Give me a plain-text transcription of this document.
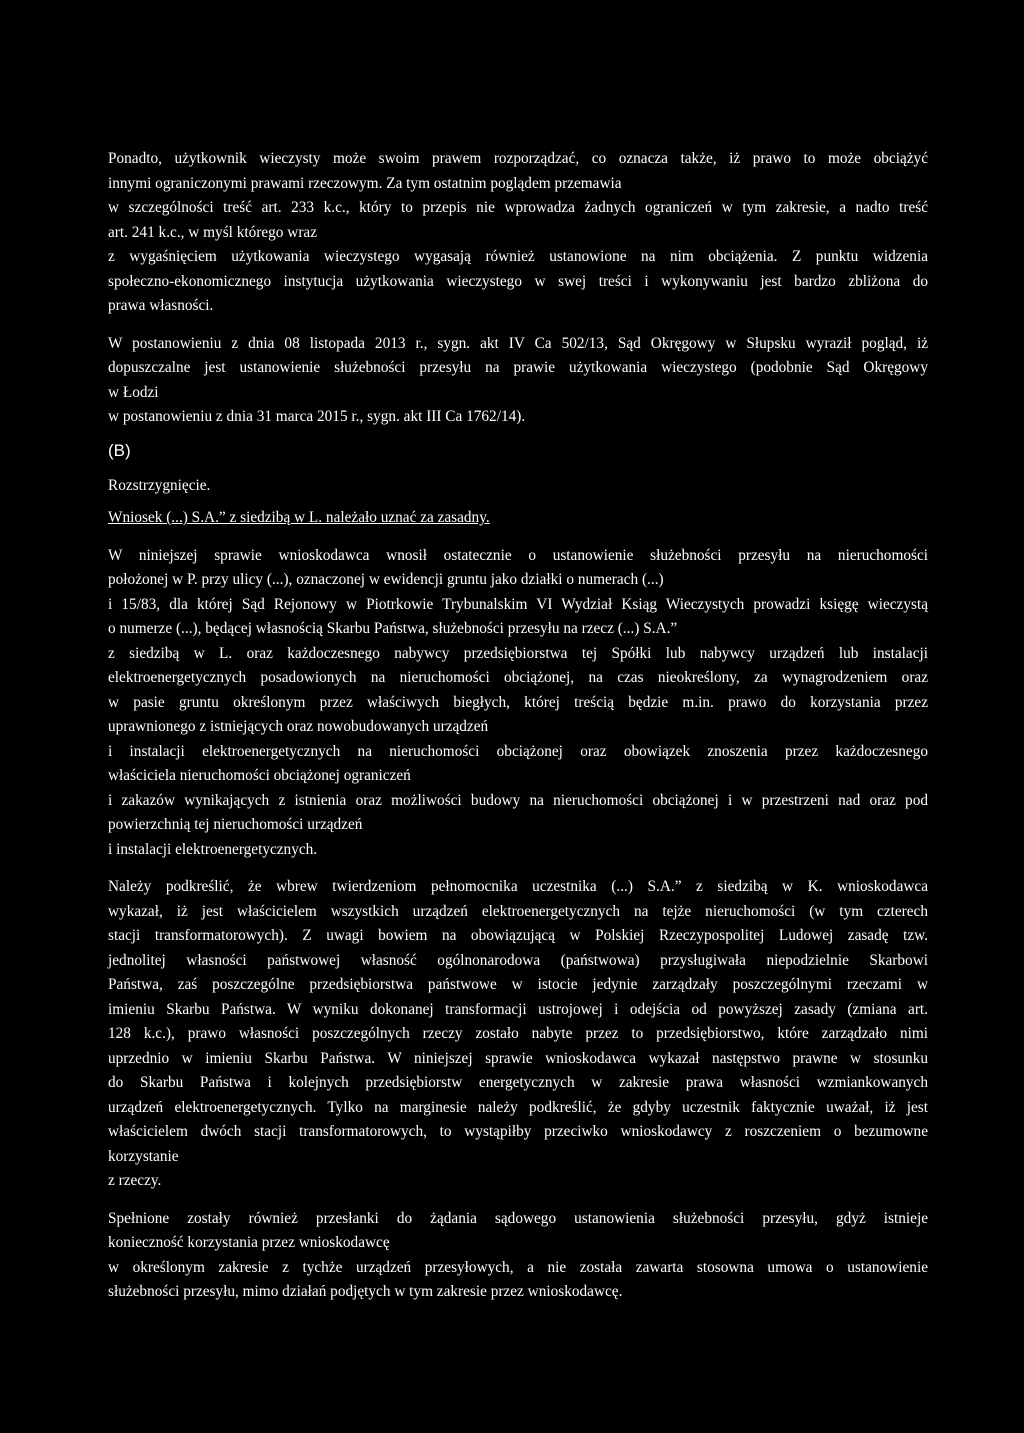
Ponadto, użytkownik wieczysty może swoim prawem rozporządzać, co oznacza także, iż prawo to może obciążyć
innymi ograniczonymi prawami rzeczowym. Za tym ostatnim poglądem przemawia
w szczególności treść art. 233 k.c., który to przepis nie wprowadza żadnych ograniczeń w tym zakresie, a nadto treść
art. 241 k.c., w myśl którego wraz
z wygaśnięciem użytkowania wieczystego wygasają również ustanowione na nim obciążenia. Z punktu widzenia
społeczno-ekonomicznego instytucja użytkowania wieczystego w swej treści i wykonywaniu jest bardzo zbliżona do
prawa własności.
W postanowieniu z dnia 08 listopada 2013 r., sygn. akt IV Ca 502/13, Sąd Okręgowy w Słupsku wyraził pogląd, iż
dopuszczalne jest ustanowienie służebności przesyłu na prawie użytkowania wieczystego (podobnie Sąd Okręgowy
w Łodzi
w postanowieniu z dnia 31 marca 2015 r., sygn. akt III Ca 1762/14).
(B)
Rozstrzygnięcie.
Wniosek (...) S.A.” z siedzibą w L. należało uznać za zasadny.
W niniejszej sprawie wnioskodawca wnosił ostatecznie o ustanowienie służebności przesyłu na nieruchomości
położonej w P. przy ulicy (...), oznaczonej w ewidencji gruntu jako działki o numerach (...)
i 15/83, dla której Sąd Rejonowy w Piotrkowie Trybunalskim VI Wydział Ksiąg Wieczystych prowadzi księgę wieczystą
o numerze (...), będącej własnością Skarbu Państwa, służebności przesyłu na rzecz (...) S.A.”
z siedzibą w L. oraz każdoczesnego nabywcy przedsiębiorstwa tej Spółki lub nabywcy urządzeń lub instalacji
elektroenergetycznych posadowionych na nieruchomości obciążonej, na czas nieokreślony, za wynagrodzeniem oraz
w pasie gruntu określonym przez właściwych biegłych, której treścią będzie m.in. prawo do korzystania przez
uprawnionego z istniejących oraz nowobudowanych urządzeń
i instalacji elektroenergetycznych na nieruchomości obciążonej oraz obowiązek znoszenia przez każdoczesnego
właściciela nieruchomości obciążonej ograniczeń
i zakazów wynikających z istnienia oraz możliwości budowy na nieruchomości obciążonej i w przestrzeni nad oraz pod
powierzchnią tej nieruchomości urządzeń
i instalacji elektroenergetycznych.
Należy podkreślić, że wbrew twierdzeniom pełnomocnika uczestnika (...) S.A.” z siedzibą w K. wnioskodawca
wykazał, iż jest właścicielem wszystkich urządzeń elektroenergetycznych na tejże nieruchomości (w tym czterech
stacji transformatorowych). Z uwagi bowiem na obowiązującą w Polskiej Rzeczypospolitej Ludowej zasadę tzw.
jednolitej własności państwowej własność ogólnonarodowa (państwowa) przysługiwała niepodzielnie Skarbowi
Państwa, zaś poszczególne przedsiębiorstwa państwowe w istocie jedynie zarządzały poszczególnymi rzeczami w
imieniu Skarbu Państwa. W wyniku dokonanej transformacji ustrojowej i odejścia od powyższej zasady (zmiana art.
128 k.c.), prawo własności poszczególnych rzeczy zostało nabyte przez to przedsiębiorstwo, które zarządzało nimi
uprzednio w imieniu Skarbu Państwa. W niniejszej sprawie wnioskodawca wykazał następstwo prawne w stosunku
do Skarbu Państwa i kolejnych przedsiębiorstw energetycznych w zakresie prawa własności wzmiankowanych
urządzeń elektroenergetycznych. Tylko na marginesie należy podkreślić, że gdyby uczestnik faktycznie uważał, iż jest
właścicielem dwóch stacji transformatorowych, to wystąpiłby przeciwko wnioskodawcy z roszczeniem o bezumowne
korzystanie
z rzeczy.
Spełnione zostały również przesłanki do żądania sądowego ustanowienia służebności przesyłu, gdyż istnieje
konieczność korzystania przez wnioskodawcę
w określonym zakresie z tychże urządzeń przesyłowych, a nie została zawarta stosowna umowa o ustanowienie
służebności przesyłu, mimo działań podjętych w tym zakresie przez wnioskodawcę.
